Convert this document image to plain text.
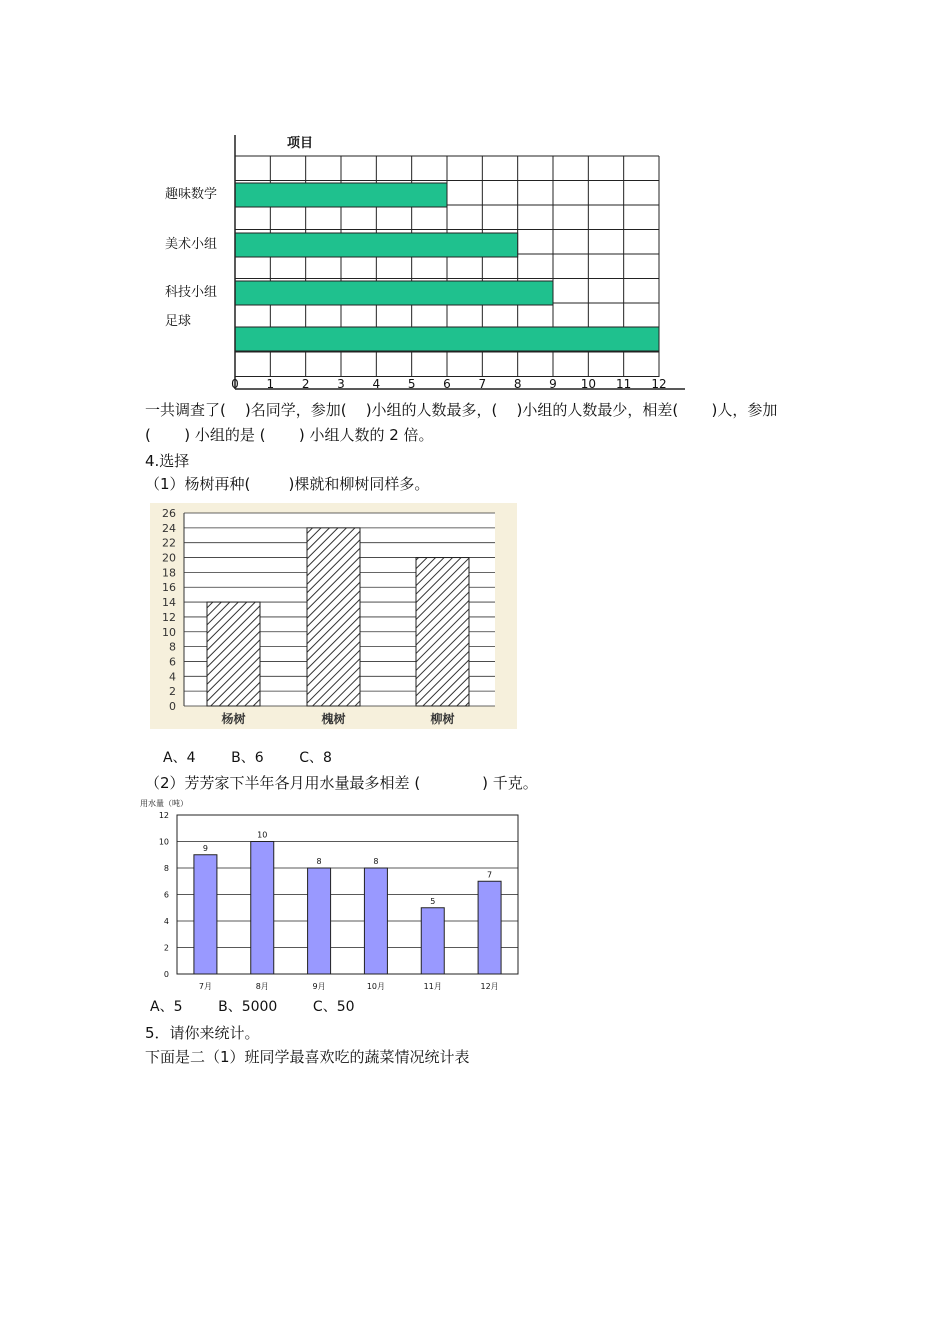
趣味数学
美术小组
科技小组
足球
项目
0 1 2 3 4 5 6 7 8 9 10 11 12
一共调查了(    )名同学，参加(    )小组的人数最多，(    )小组的人数最少，相差(       )人，参加
(       ) 小组的是 (       ) 小组人数的 2 倍。
4.选择
（1）杨树再种(        )棵就和柳树同样多。
26
24
22
20
18
16
14
12
10
8
6
4
2
0
杨树	槐树	柳树
A、4        B、6        C、8
（2）芳芳家下半年各月用水量最多相差 (             ) 千克。
用水量（吨）
12
10
8
6
4
2
0
9
7月
10
8月
8
9月
8
10月
5
11月
7
12月
A、5        B、5000        C、50
5．请你来统计。
下面是二（1）班同学最喜欢吃的蔬菜情况统计表
